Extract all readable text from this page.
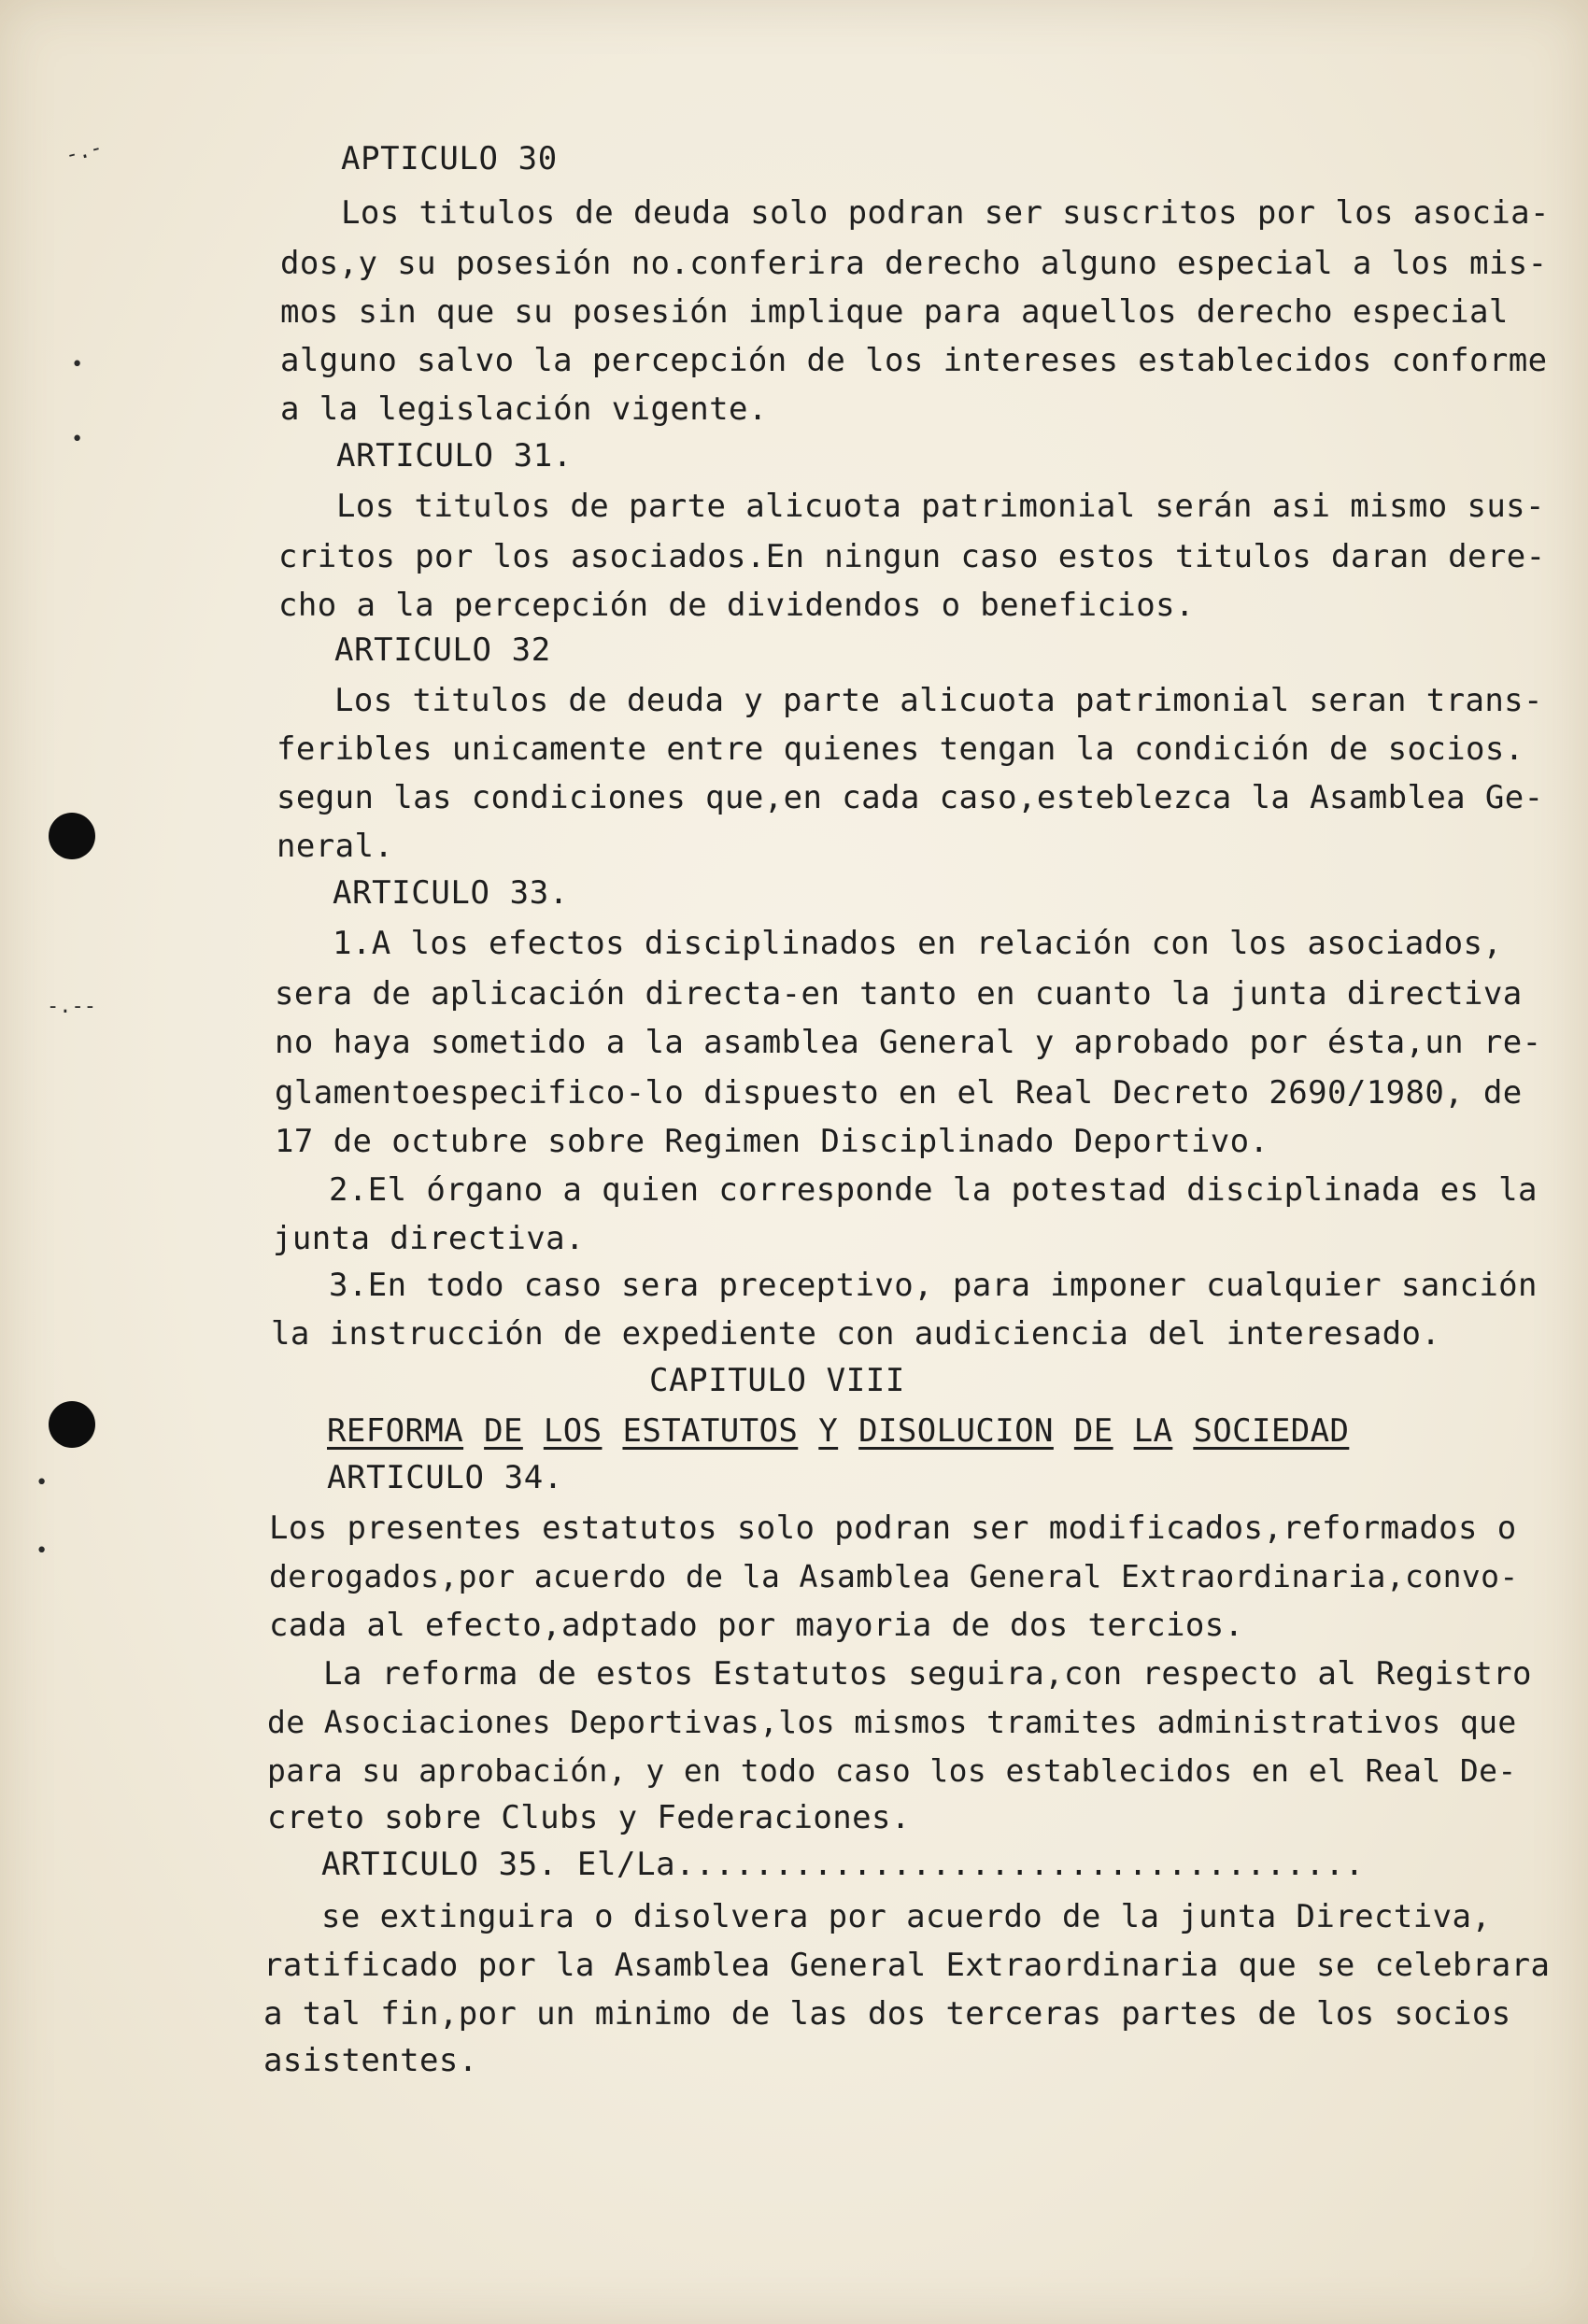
-.-
•
•
-.--
•
•
APTICULO 30
Los titulos de deuda solo podran ser suscritos por los asocia-
dos,y su posesión no.conferira derecho alguno especial a los mis-
mos sin que su posesión implique para aquellos derecho especial
alguno salvo la percepción de los intereses establecidos conforme
a la legislación vigente.
ARTICULO 31.
Los titulos de parte alicuota patrimonial serán asi mismo sus-
critos por los asociados.En ningun caso estos titulos daran dere-
cho a la percepción de dividendos o beneficios.
ARTICULO 32
Los titulos de deuda y parte alicuota patrimonial seran trans-
feribles unicamente entre quienes tengan la condición de socios.
segun las condiciones que,en cada caso,esteblezca la Asamblea Ge-
neral.
ARTICULO 33.
1.A los efectos disciplinados en relación con los asociados,
sera de aplicación directa-en tanto en cuanto la junta directiva
no haya sometido a la asamblea General y aprobado por ésta,un re-
glamentoespecifico-lo dispuesto en el Real Decreto 2690/1980, de
17 de octubre sobre Regimen Disciplinado Deportivo.
2.El órgano a quien corresponde la potestad disciplinada es la
junta directiva.
3.En todo caso sera preceptivo, para imponer cualquier sanción
la instrucción de expediente con audiciencia del interesado.
CAPITULO VIII
REFORMA DE LOS ESTATUTOS Y DISOLUCION DE LA SOCIEDAD
ARTICULO 34.
Los presentes estatutos solo podran ser modificados,reformados o
derogados,por acuerdo de la Asamblea General Extraordinaria,convo-
cada al efecto,adptado por mayoria de dos tercios.
La reforma de estos Estatutos seguira,con respecto al Registro
de Asociaciones Deportivas,los mismos tramites administrativos que
para su aprobación, y en todo caso los establecidos en el Real De-
creto sobre Clubs y Federaciones.
ARTICULO 35. El/La...................................
se extinguira o disolvera por acuerdo de la junta Directiva,
ratificado por la Asamblea General Extraordinaria que se celebrara
a tal fin,por un minimo de las dos terceras partes de los socios
asistentes.
